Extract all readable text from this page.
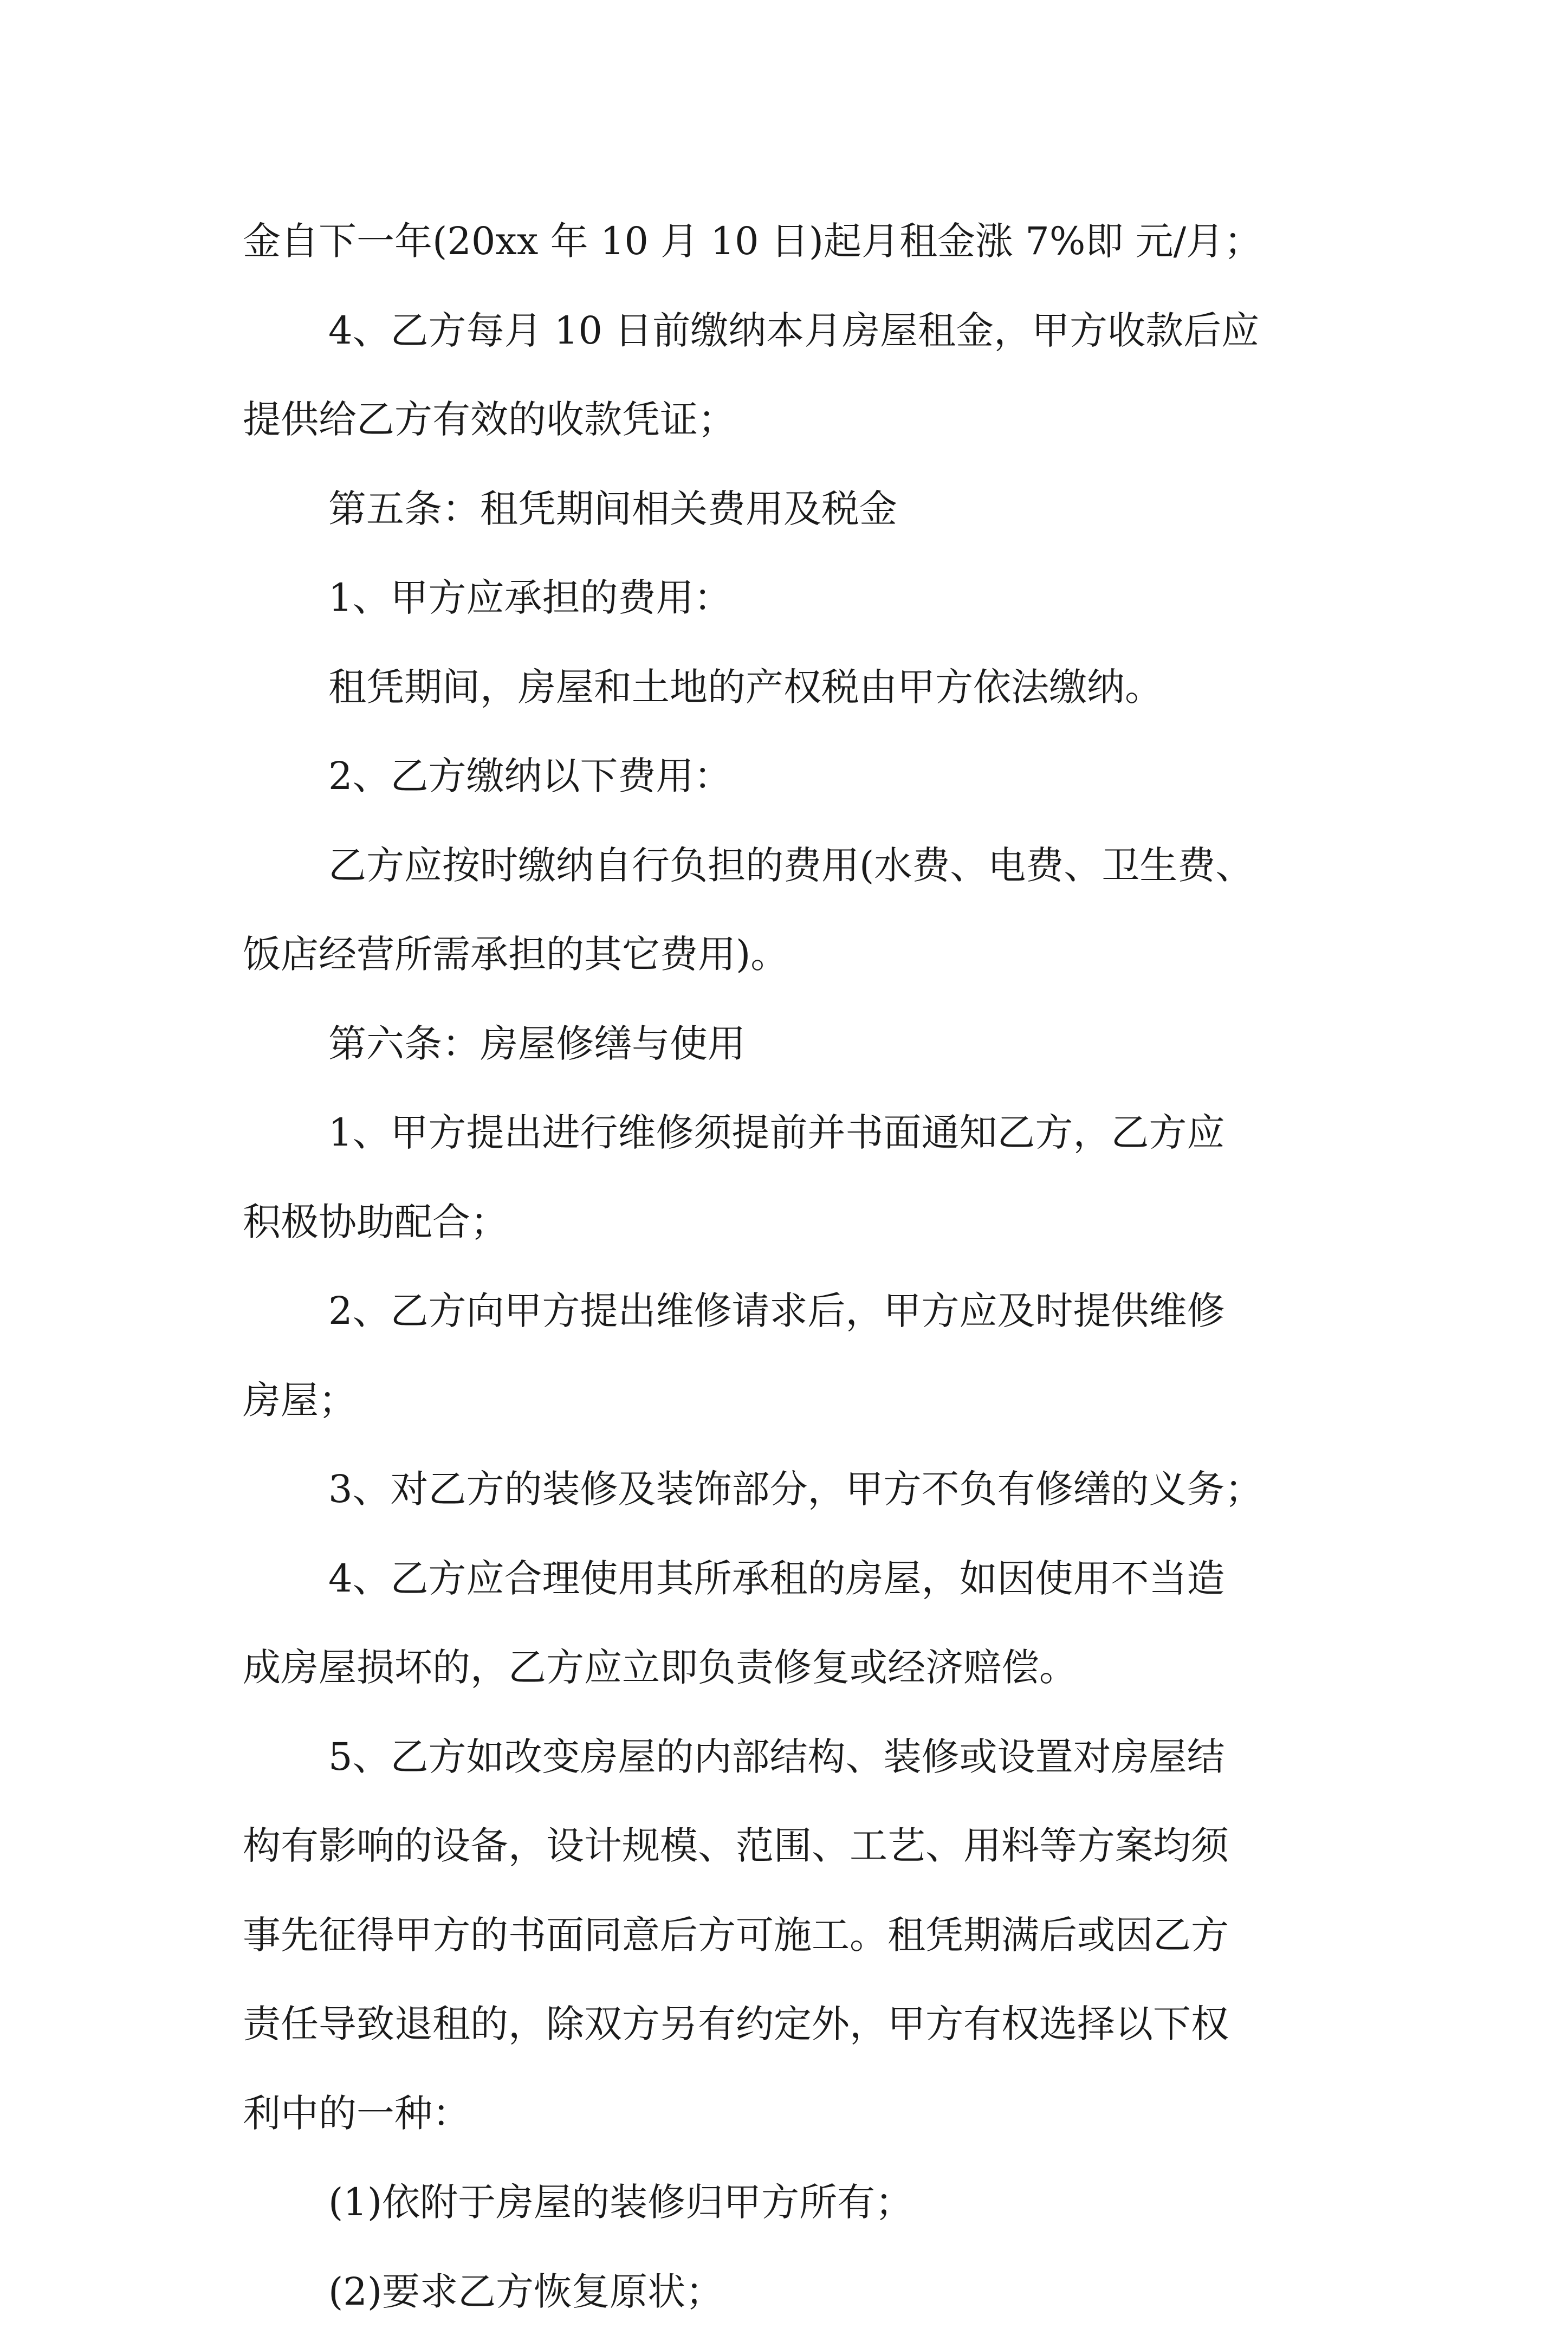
金自下一年(20xx 年 10 月 10 日)起月租金涨 7%即 元/月；
4、乙方每月 10 日前缴纳本月房屋租金，甲方收款后应
提供给乙方有效的收款凭证；
第五条：租凭期间相关费用及税金
1、甲方应承担的费用：
租凭期间，房屋和土地的产权税由甲方依法缴纳。
2、乙方缴纳以下费用：
乙方应按时缴纳自行负担的费用(水费、电费、卫生费、
饭店经营所需承担的其它费用)。
第六条：房屋修缮与使用
1、甲方提出进行维修须提前并书面通知乙方，乙方应
积极协助配合；
2、乙方向甲方提出维修请求后，甲方应及时提供维修
房屋；
3、对乙方的装修及装饰部分，甲方不负有修缮的义务；
4、乙方应合理使用其所承租的房屋，如因使用不当造
成房屋损坏的，乙方应立即负责修复或经济赔偿。
5、乙方如改变房屋的内部结构、装修或设置对房屋结
构有影响的设备，设计规模、范围、工艺、用料等方案均须
事先征得甲方的书面同意后方可施工。租凭期满后或因乙方
责任导致退租的，除双方另有约定外，甲方有权选择以下权
利中的一种：
(1)依附于房屋的装修归甲方所有；
(2)要求乙方恢复原状；
